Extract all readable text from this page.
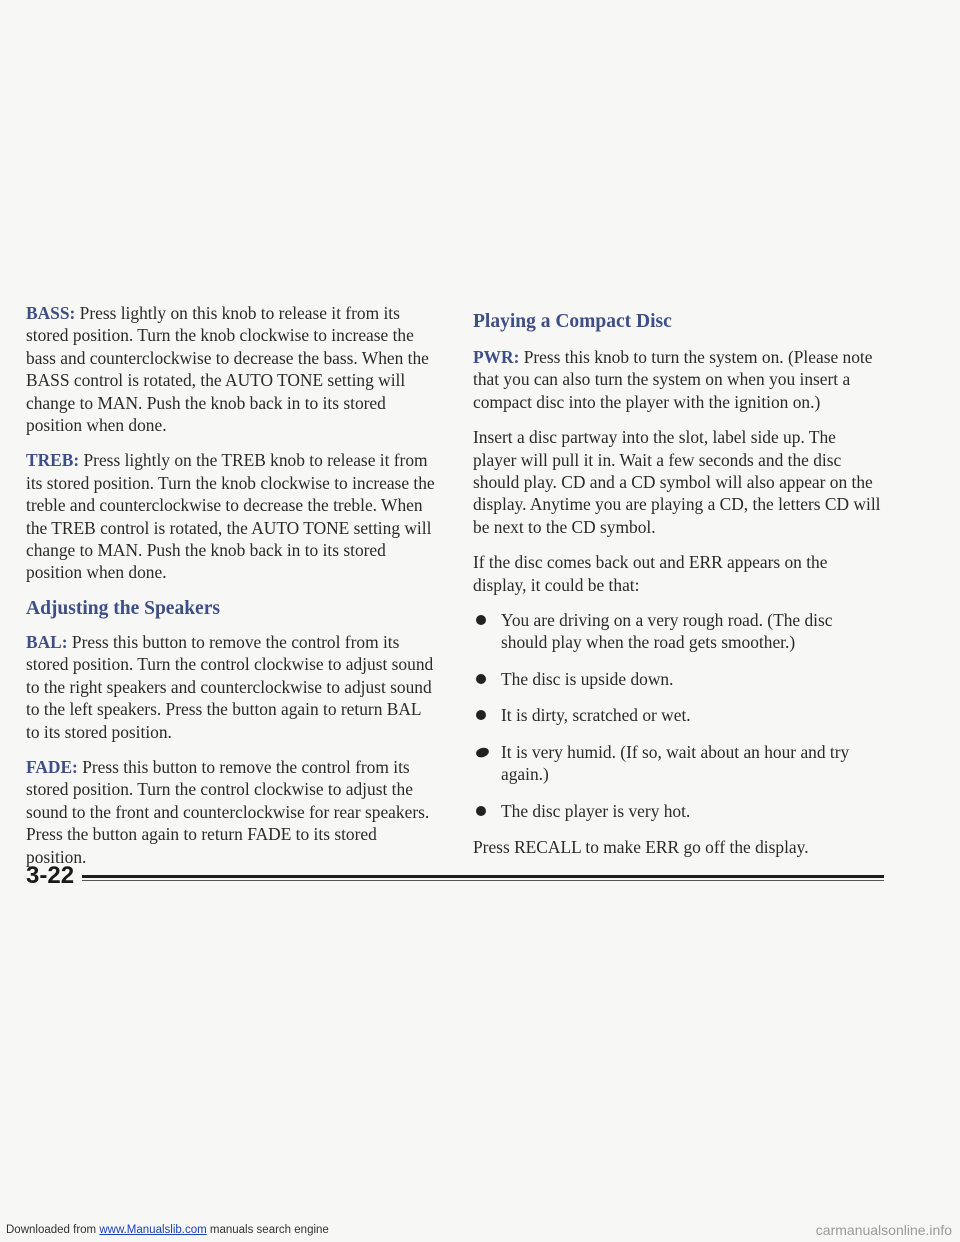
BASS: Press lightly on this knob to release it from its stored position. Turn the knob clockwise to increase the bass and counterclockwise to decrease the bass. When the BASS control is rotated, the AUTO TONE setting will change to MAN. Push the knob back in to its stored position when done.

TREB: Press lightly on the TREB knob to release it from its stored position. Turn the knob clockwise to increase the treble and counterclockwise to decrease the treble. When the TREB control is rotated, the AUTO TONE setting will change to MAN. Push the knob back in to its stored position when done.

Adjusting the Speakers

BAL: Press this button to remove the control from its stored position. Turn the control clockwise to adjust sound to the right speakers and counterclockwise to adjust sound to the left speakers. Press the button again to return BAL to its stored position.

FADE: Press this button to remove the control from its stored position. Turn the control clockwise to adjust the sound to the front and counterclockwise for rear speakers. Press the button again to return FADE to its stored position.

Playing a Compact Disc

PWR: Press this knob to turn the system on. (Please note that you can also turn the system on when you insert a compact disc into the player with the ignition on.)

Insert a disc partway into the slot, label side up. The player will pull it in. Wait a few seconds and the disc should play. CD and a CD symbol will also appear on the display. Anytime you are playing a CD, the letters CD will be next to the CD symbol.

If the disc comes back out and ERR appears on the display, it could be that:

You are driving on a very rough road. (The disc should play when the road gets smoother.)
The disc is upside down.
It is dirty, scratched or wet.
It is very humid. (If so, wait about an hour and try again.)
The disc player is very hot.

Press RECALL to make ERR go off the display.

3-22
Downloaded from www.Manualslib.com manuals search engine	carmanualsonline.info
